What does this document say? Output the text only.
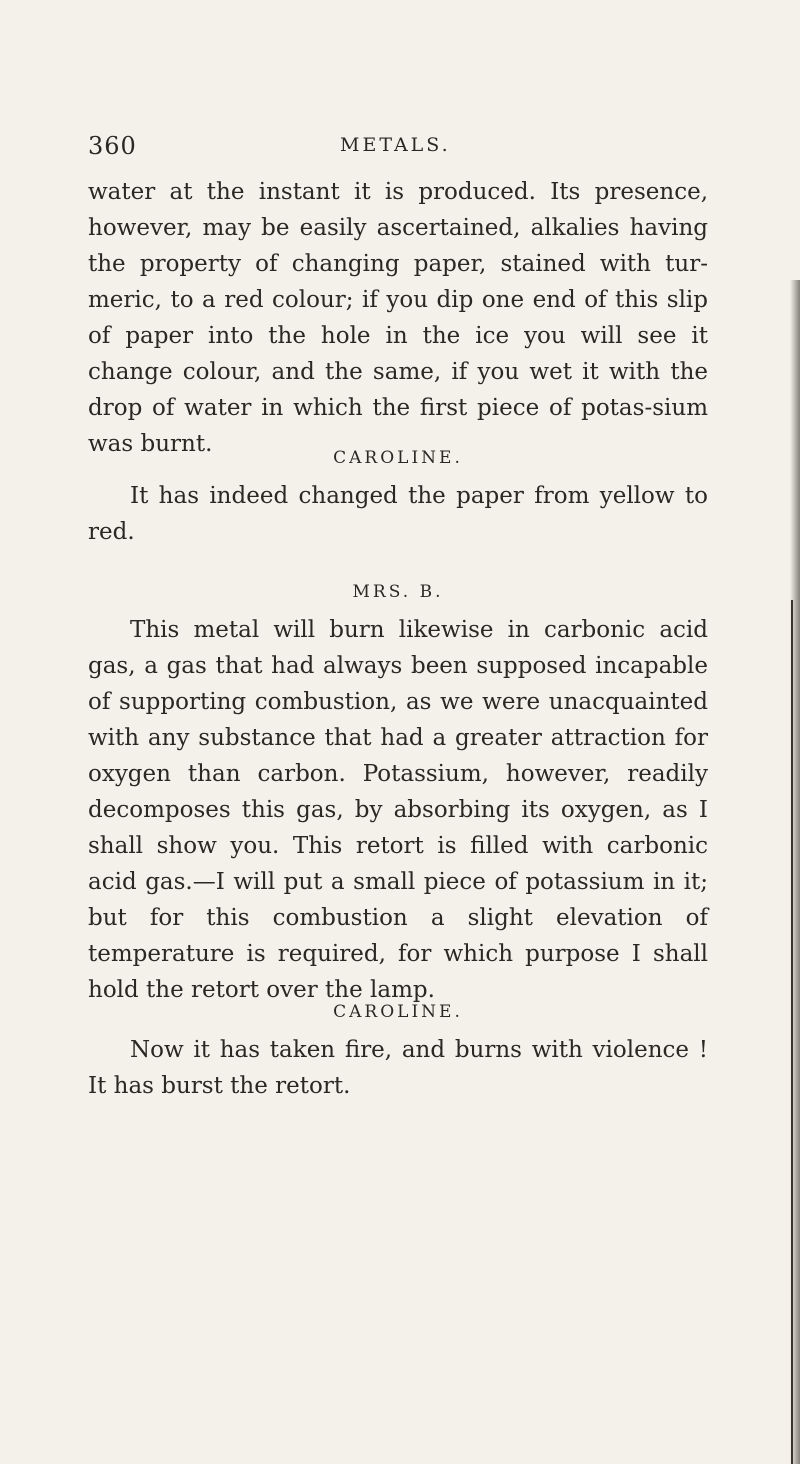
360	METALS.

water at the instant it is produced. Its presence, however, may be easily ascertained, alkalies having the property of changing paper, stained with tur-meric, to a red colour; if you dip one end of this slip of paper into the hole in the ice you will see it change colour, and the same, if you wet it with the drop of water in which the first piece of potas-sium was burnt.

CAROLINE.

It has indeed changed the paper from yellow to red.

MRS. B.

This metal will burn likewise in carbonic acid gas, a gas that had always been supposed incapable of supporting combustion, as we were unacquainted with any substance that had a greater attraction for oxygen than carbon. Potassium, however, readily decomposes this gas, by absorbing its oxygen, as I shall show you. This retort is filled with carbonic acid gas.—I will put a small piece of potassium in it; but for this combustion a slight elevation of temperature is required, for which purpose I shall hold the retort over the lamp.

CAROLINE.

Now it has taken fire, and burns with violence ! It has burst the retort.
